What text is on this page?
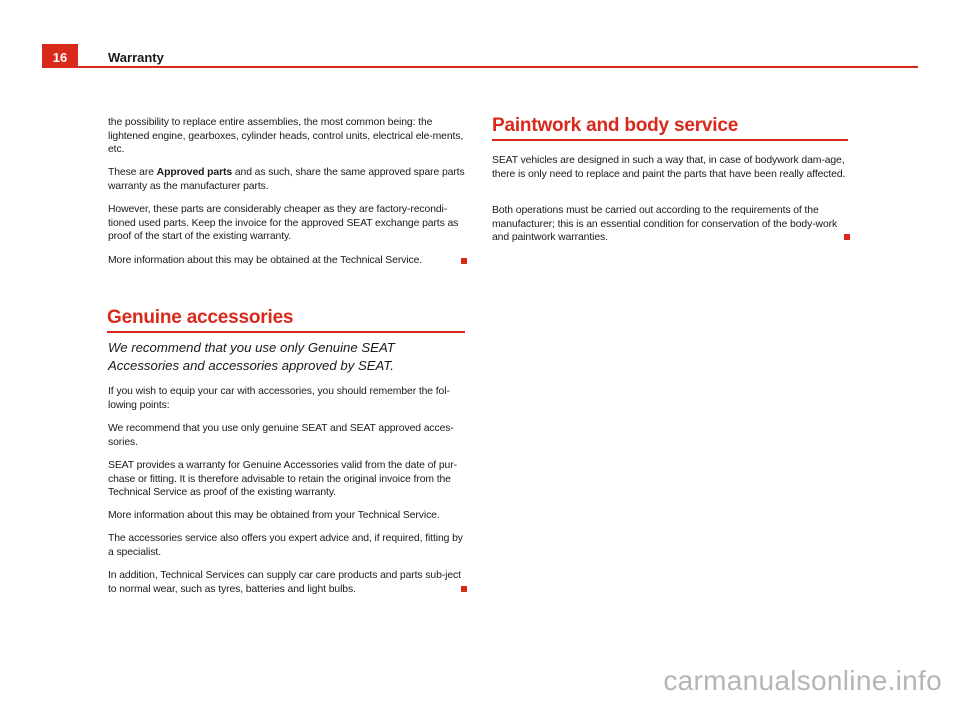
16	Warranty

the possibility to replace entire assemblies, the most common being: the lightened engine, gearboxes, cylinder heads, control units, electrical ele-ments, etc.

These are Approved parts and as such, share the same approved spare parts warranty as the manufacturer parts.

However, these parts are considerably cheaper as they are factory-recondi-tioned used parts. Keep the invoice for the approved SEAT exchange parts as proof of the start of the existing warranty.

More information about this may be obtained at the Technical Service.

Genuine accessories

We recommend that you use only Genuine SEAT Accessories and accessories approved by SEAT.

If you wish to equip your car with accessories, you should remember the fol-lowing points:

We recommend that you use only genuine SEAT and SEAT approved acces-sories.

SEAT provides a warranty for Genuine Accessories valid from the date of pur-chase or fitting. It is therefore advisable to retain the original invoice from the Technical Service as proof of the existing warranty.

More information about this may be obtained from your Technical Service.

The accessories service also offers you expert advice and, if required, fitting by a specialist.

In addition, Technical Services can supply car care products and parts sub-ject to normal wear, such as tyres, batteries and light bulbs.

Paintwork and body service

SEAT vehicles are designed in such a way that, in case of bodywork dam-age, there is only need to replace and paint the parts that have been really affected.

Both operations must be carried out according to the requirements of the manufacturer; this is an essential condition for conservation of the body-work and paintwork warranties.

carmanualsonline.info
